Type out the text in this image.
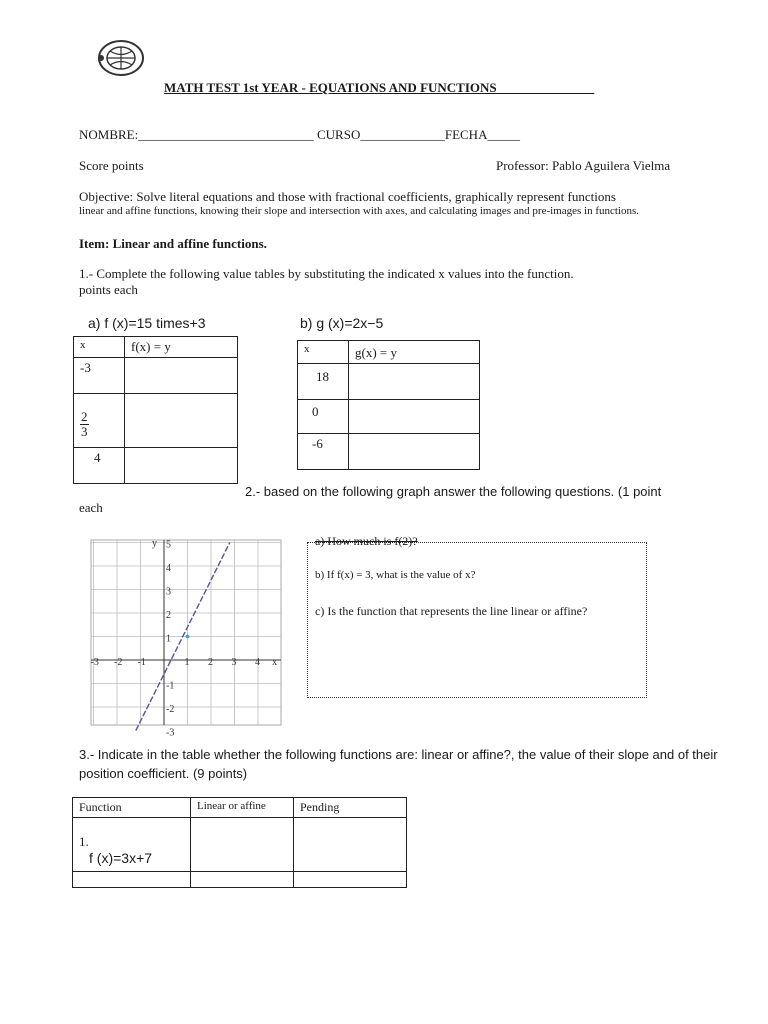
MATH TEST 1st YEAR - EQUATIONS AND FUNCTIONS_______________
NOMBRE:___________________________ CURSO_____________FECHA_____
Score points	Professor: Pablo Aguilera Vielma
Objective: Solve literal equations and those with fractional coefficients, graphically represent functions
linear and affine functions, knowing their slope and intersection with axes, and calculating images and pre-images in functions.
Item: Linear and affine functions.
1.- Complete the following value tables by substituting the indicated x values into the function.
points each
a) f (x)=15 times+3	b) g (x)=2x−5
x	f(x) = y
-3	

$\frac{2}{3}$

4	
x	g(x) = y
18	
0	
-6	
2.- based on the following graph answer the following questions. (1 point
each
x
y
-3 -2 -1	1 2 3 4
5
4
3
2
1
-1
-2
-3
a) How much is f(2)?
b) If f(x) = 3, what is the value of x?
c) Is the function that represents the line linear or affine?
3.- Indicate in the table whether the following functions are: linear or affine?, the value of their slope and of their
position coefficient. (9 points)
Function	Linear or affine	Pending

1.
f (x)=3x+7		
